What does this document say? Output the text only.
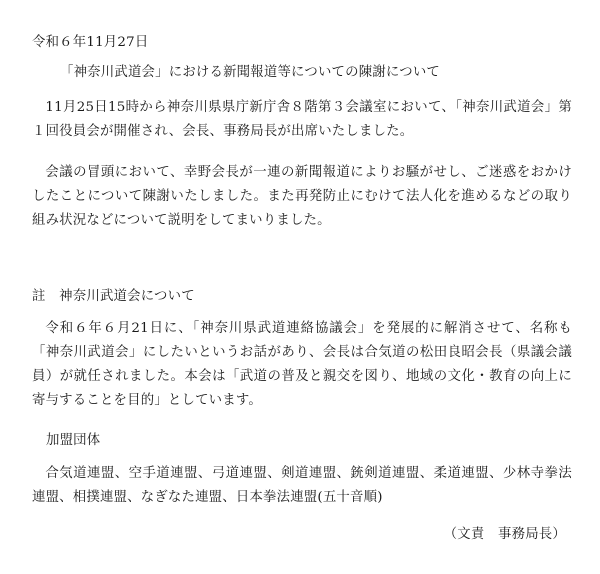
令和６年11月27日
「神奈川武道会」における新聞報道等についての陳謝について
11月25日15時から神奈川県県庁新庁舎８階第３会議室において、「神奈川武道会」第１回役員会が開催され、会長、事務局長が出席いたしました。
会議の冒頭において、幸野会長が一連の新聞報道によりお騒がせし、ご迷惑をおかけしたことについて陳謝いたしました。また再発防止にむけて法人化を進めるなどの取り組み状況などについて説明をしてまいりました。
註　神奈川武道会について
令和６年６月21日に、「神奈川県武道連絡協議会」を発展的に解消させて、名称も「神奈川武道会」にしたいというお話があり、会長は合気道の松田良昭会長（県議会議員）が就任されました。本会は「武道の普及と親交を図り、地域の文化・教育の向上に寄与することを目的」としています。
加盟団体
合気道連盟、空手道連盟、弓道連盟、剣道連盟、銃剣道連盟、柔道連盟、少林寺拳法連盟、相撲連盟、なぎなた連盟、日本拳法連盟(五十音順)
（文責　事務局長）
